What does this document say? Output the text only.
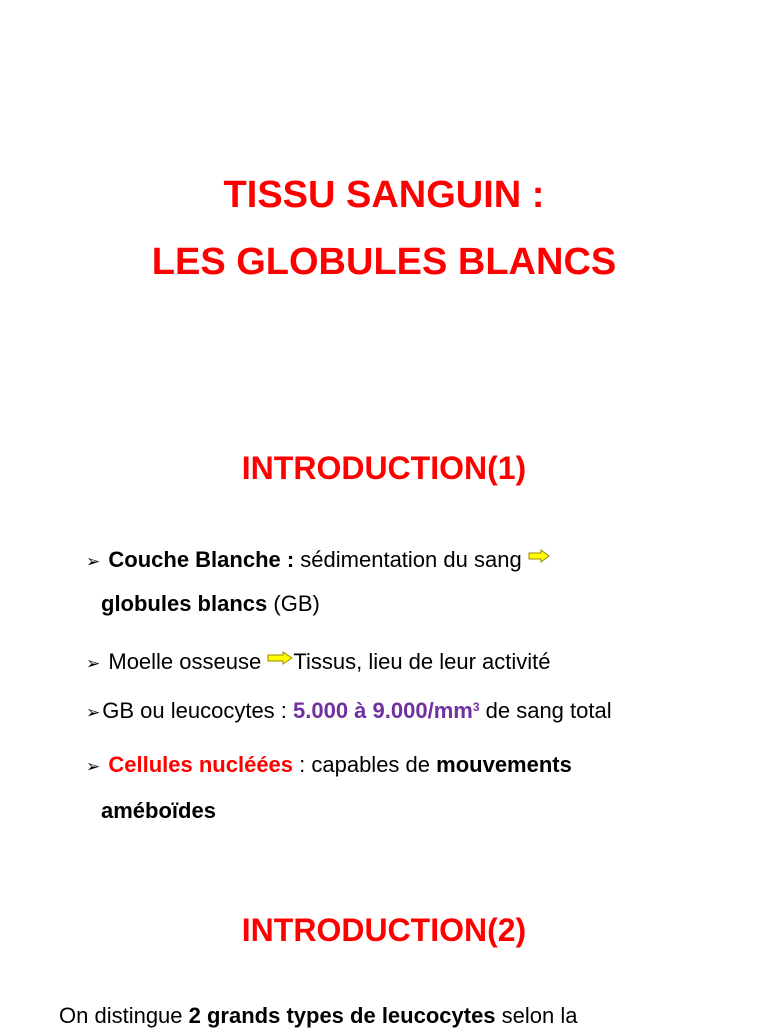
TISSU SANGUIN :
LES GLOBULES BLANCS
INTRODUCTION(1)
➢ Couche Blanche : sédimentation du sang
globules blancs (GB)
➢ Moelle osseuse Tissus, lieu de leur activité
➢GB ou leucocytes : 5.000 à $9.000/mm^3$ de sang total
➢ Cellules nucléées : capables de mouvements
améboïdes
INTRODUCTION(2)
On distingue 2 grands types de leucocytes selon la
